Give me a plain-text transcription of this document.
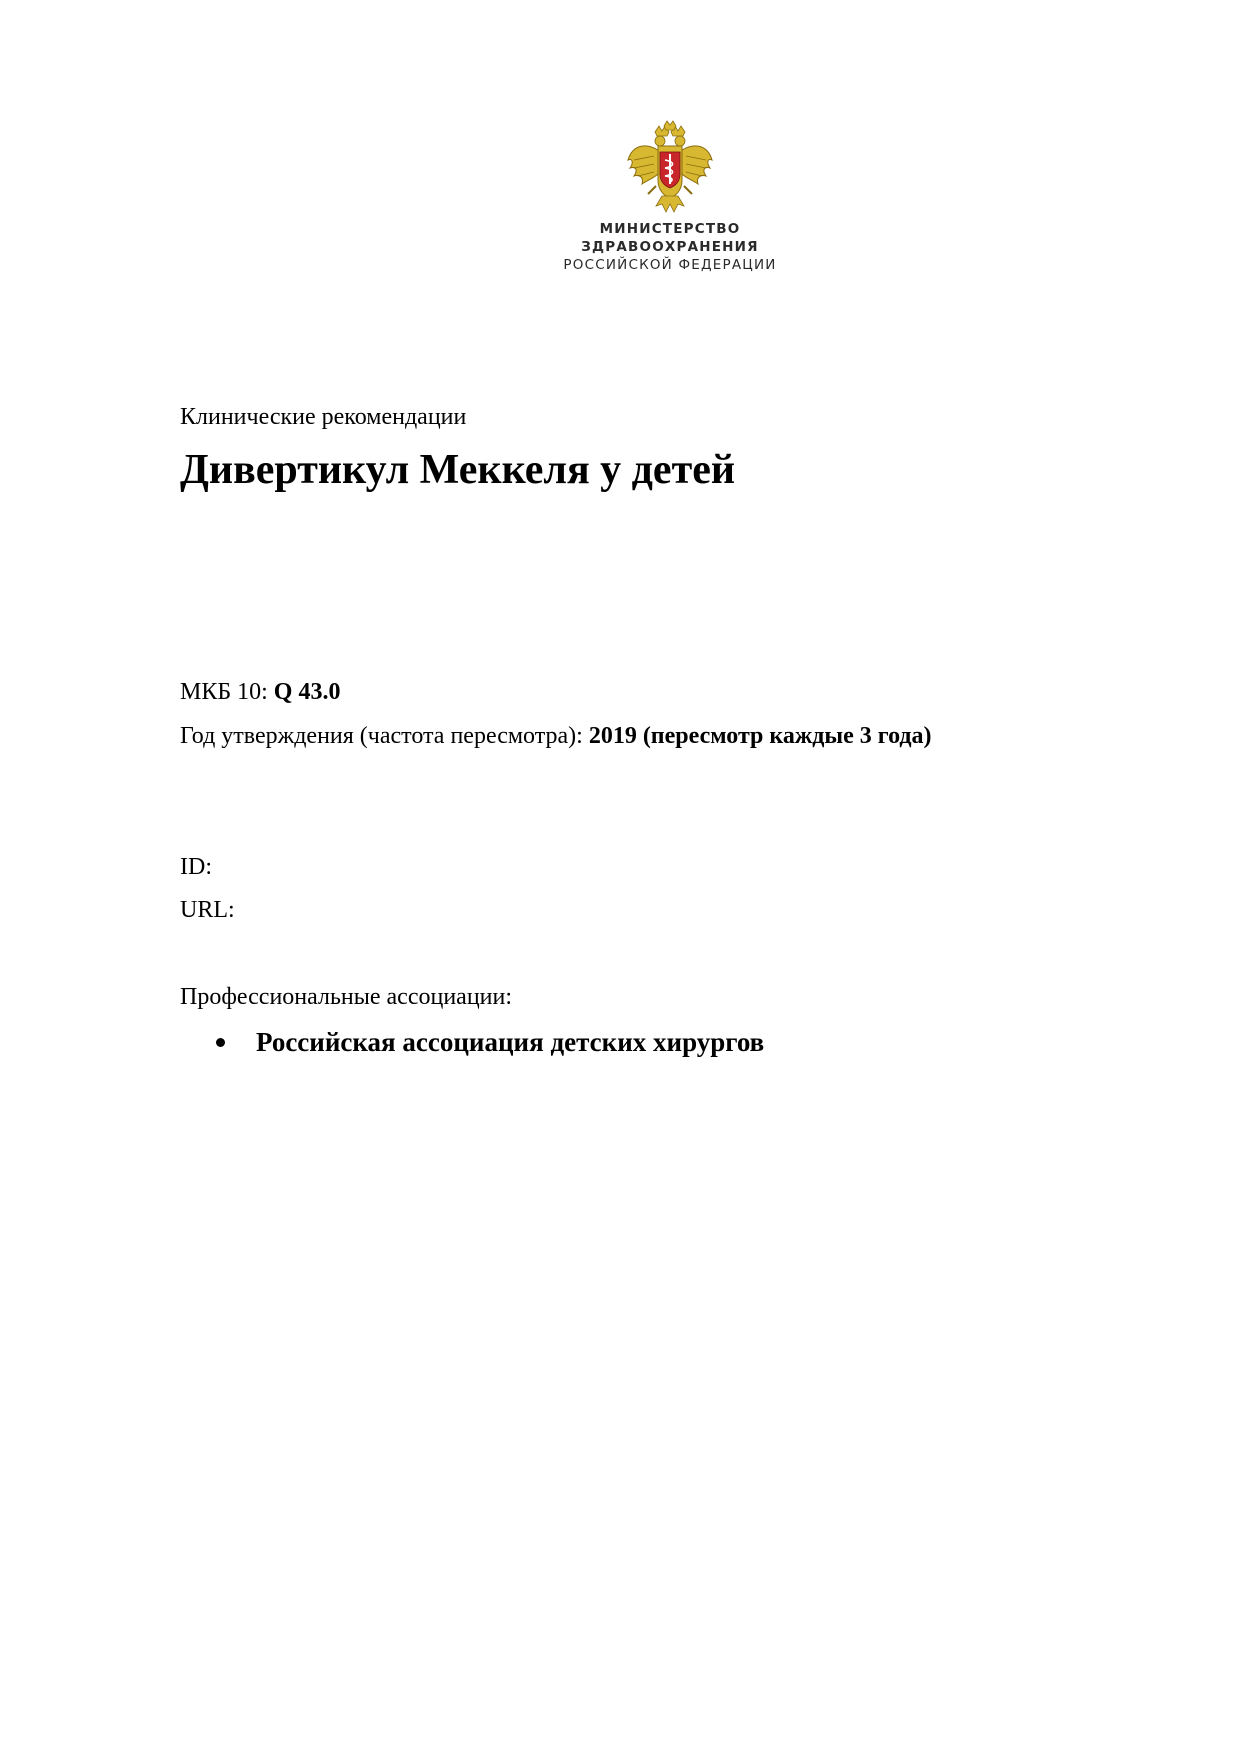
МИНИСТЕРСТВО
ЗДРАВООХРАНЕНИЯ
РОССИЙСКОЙ ФЕДЕРАЦИИ
Клинические рекомендации
Дивертикул Меккеля у детей
МКБ 10: Q 43.0
Год утверждения (частота пересмотра): 2019 (пересмотр каждые 3 года)
ID:
URL:
Профессиональные ассоциации:
Российская ассоциация детских хирургов
